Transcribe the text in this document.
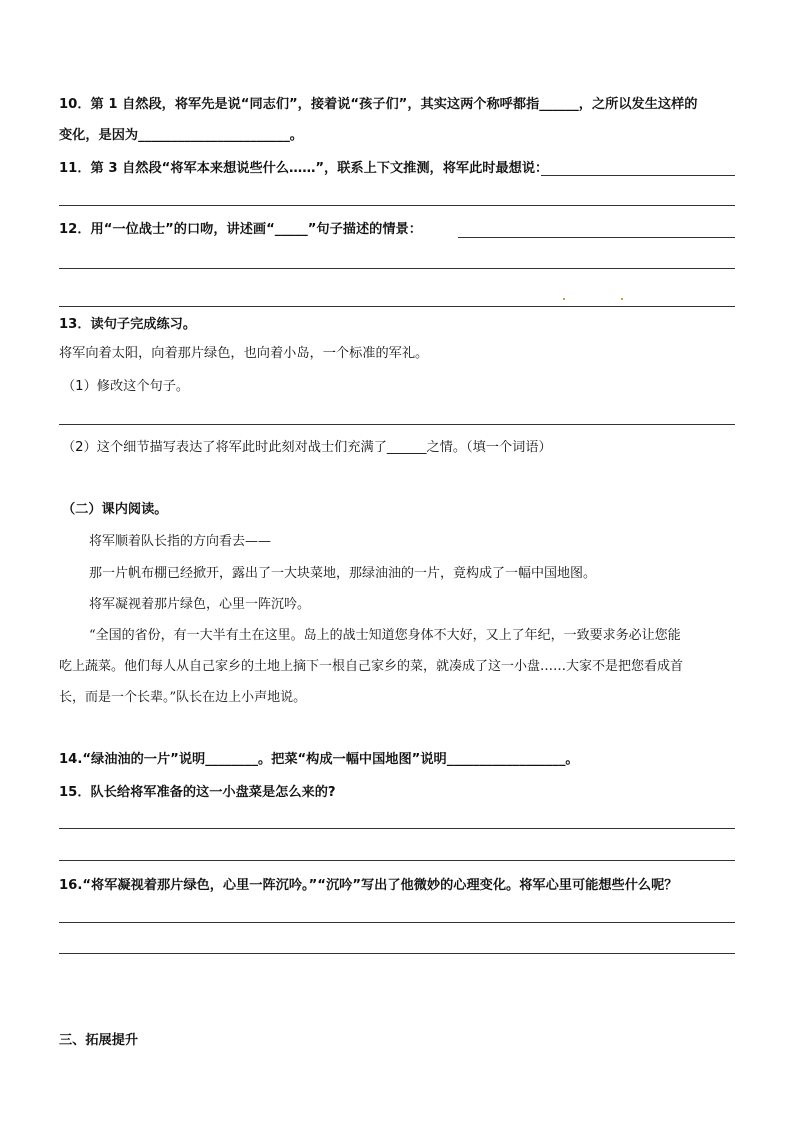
10．第 1 自然段，将军先是说“同志们”，接着说“孩子们”，其实这两个称呼都指______，之所以发生这样的
变化，是因为_______________________。
11．第 3 自然段“将军本来想说些什么……”，联系上下文推测，将军此时最想说：
12．用“一位战士”的口吻，讲述画“_____”句子描述的情景：
13．读句子完成练习。
将军向着太阳，向着那片绿色，也向着小岛，一个标准的军礼。
（1）修改这个句子。
（2）这个细节描写表达了将军此时此刻对战士们充满了______之情。（填一个词语）
（二）课内阅读。
将军顺着队长指的方向看去——
那一片帆布棚已经掀开，露出了一大块菜地，那绿油油的一片，竟构成了一幅中国地图。
将军凝视着那片绿色，心里一阵沉吟。
“全国的省份，有一大半有土在这里。岛上的战士知道您身体不大好，又上了年纪，一致要求务必让您能
吃上蔬菜。他们每人从自己家乡的土地上摘下一根自己家乡的菜，就凑成了这一小盘……大家不是把您看成首
长，而是一个长辈。”队长在边上小声地说。
14.“绿油油的一片”说明________。把菜“构成一幅中国地图”说明__________________。
15．队长给将军准备的这一小盘菜是怎么来的?
16.“将军凝视着那片绿色，心里一阵沉吟。”“沉吟”写出了他微妙的心理变化。将军心里可能想些什么呢？
三、拓展提升
